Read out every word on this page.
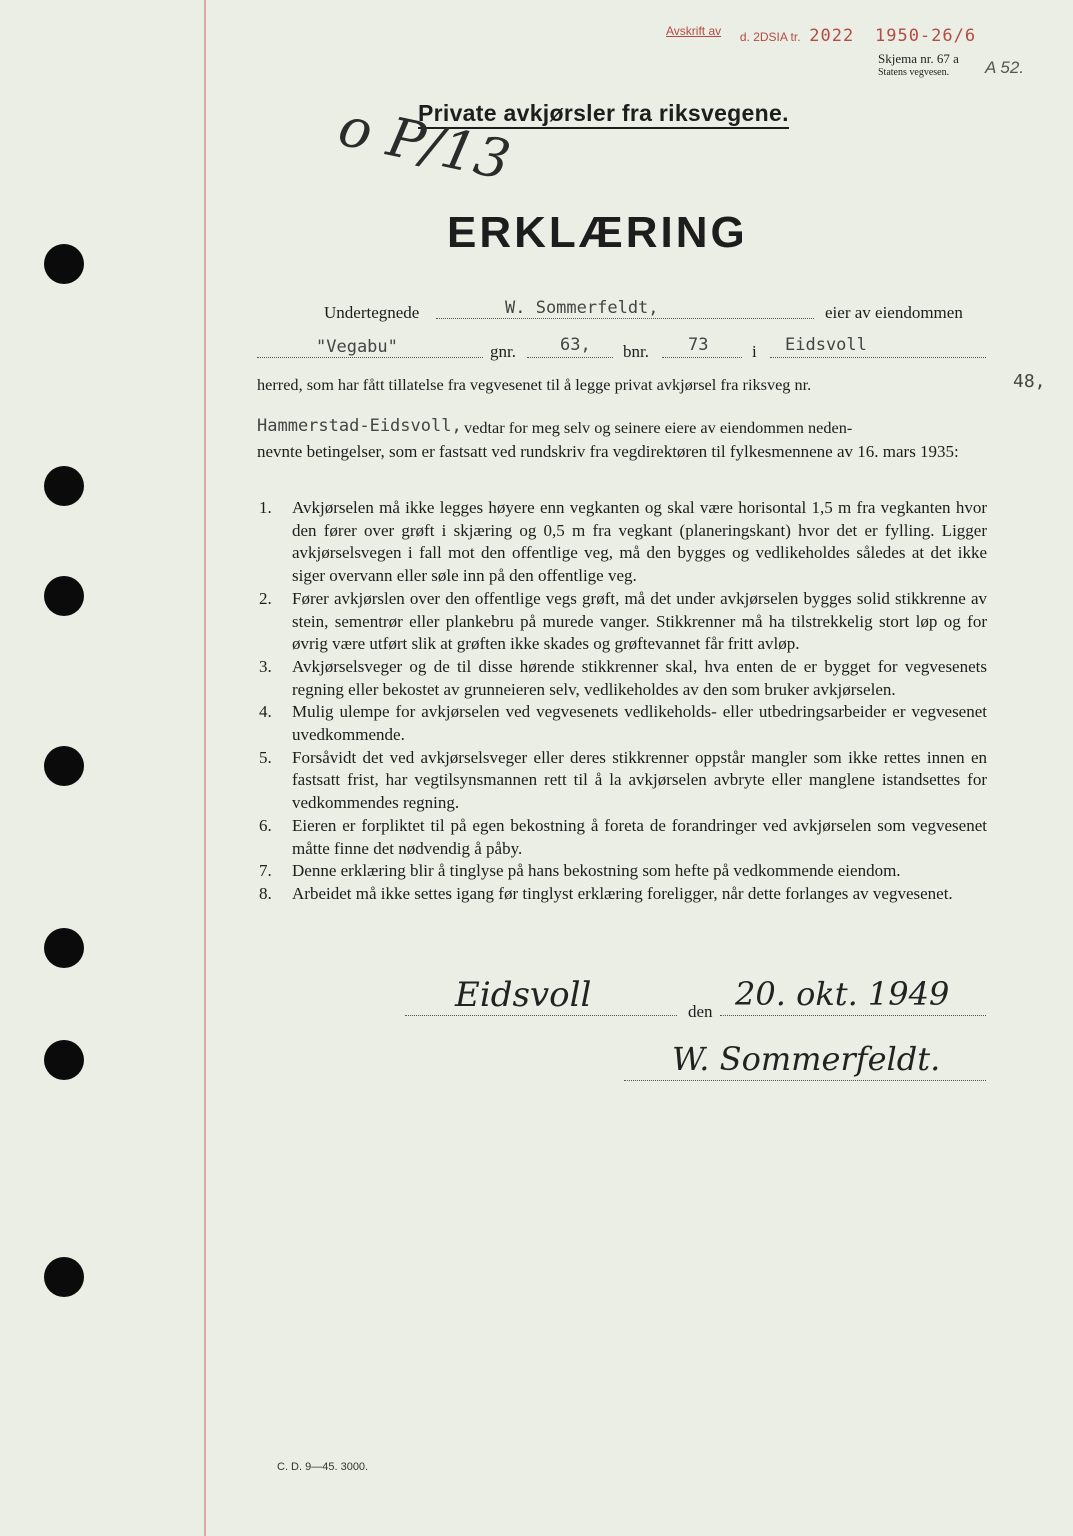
Avskrift av d. 2DSIA tr. 2022 1950-26/6
Skjema nr. 67 a
Statens vegvesen.	A 52.
Private avkjørsler fra riksvegene.
o P/13
ERKLÆRING
Undertegnede	W. Sommerfeldt,	eier av eiendommen
"Vegabu"	gnr.	63, bnr. 73	i Eidsvoll
herred, som har fått tillatelse fra vegvesenet til å legge privat avkjørsel fra riksveg nr.	48,
Hammerstad-Eidsvoll, vedtar for meg selv og seinere eiere av eiendommen neden-
nevnte betingelser, som er fastsatt ved rundskriv fra vegdirektøren til fylkesmennene av 16. mars 1935:
1. Avkjørselen må ikke legges høyere enn vegkanten og skal være horisontal 1,5 m fra vegkanten hvor den fører over grøft i skjæring og 0,5 m fra vegkant (planeringskant) hvor det er fylling. Ligger avkjørselsvegen i fall mot den offentlige veg, må den bygges og vedlikeholdes således at det ikke siger overvann eller søle inn på den offentlige veg.
2. Fører avkjørslen over den offentlige vegs grøft, må det under avkjørselen bygges solid stikkrenne av stein, sementrør eller plankebru på murede vanger. Stikkrenner må ha tilstrekkelig stort løp og for øvrig være utført slik at grøften ikke skades og grøftevannet får fritt avløp.
3. Avkjørselsveger og de til disse hørende stikkrenner skal, hva enten de er bygget for vegvesenets regning eller bekostet av grunneieren selv, vedlikeholdes av den som bruker avkjørselen.
4. Mulig ulempe for avkjørselen ved vegvesenets vedlikeholds- eller utbedringsarbeider er vegvesenet uvedkommende.
5. Forsåvidt det ved avkjørselsveger eller deres stikkrenner oppstår mangler som ikke rettes innen en fastsatt frist, har vegtilsynsmannen rett til å la avkjørselen avbryte eller manglene istandsettes for vedkommendes regning.
6. Eieren er forpliktet til på egen bekostning å foreta de forandringer ved avkjørselen som vegvesenet måtte finne det nødvendig å påby.
7. Denne erklæring blir å tinglyse på hans bekostning som hefte på vedkommende eiendom.
8. Arbeidet må ikke settes igang før tinglyst erklæring foreligger, når dette forlanges av vegvesenet.
Eidsvoll	den 20. okt. 1949
W. Sommerfeldt.
C. D. 9—45. 3000.
